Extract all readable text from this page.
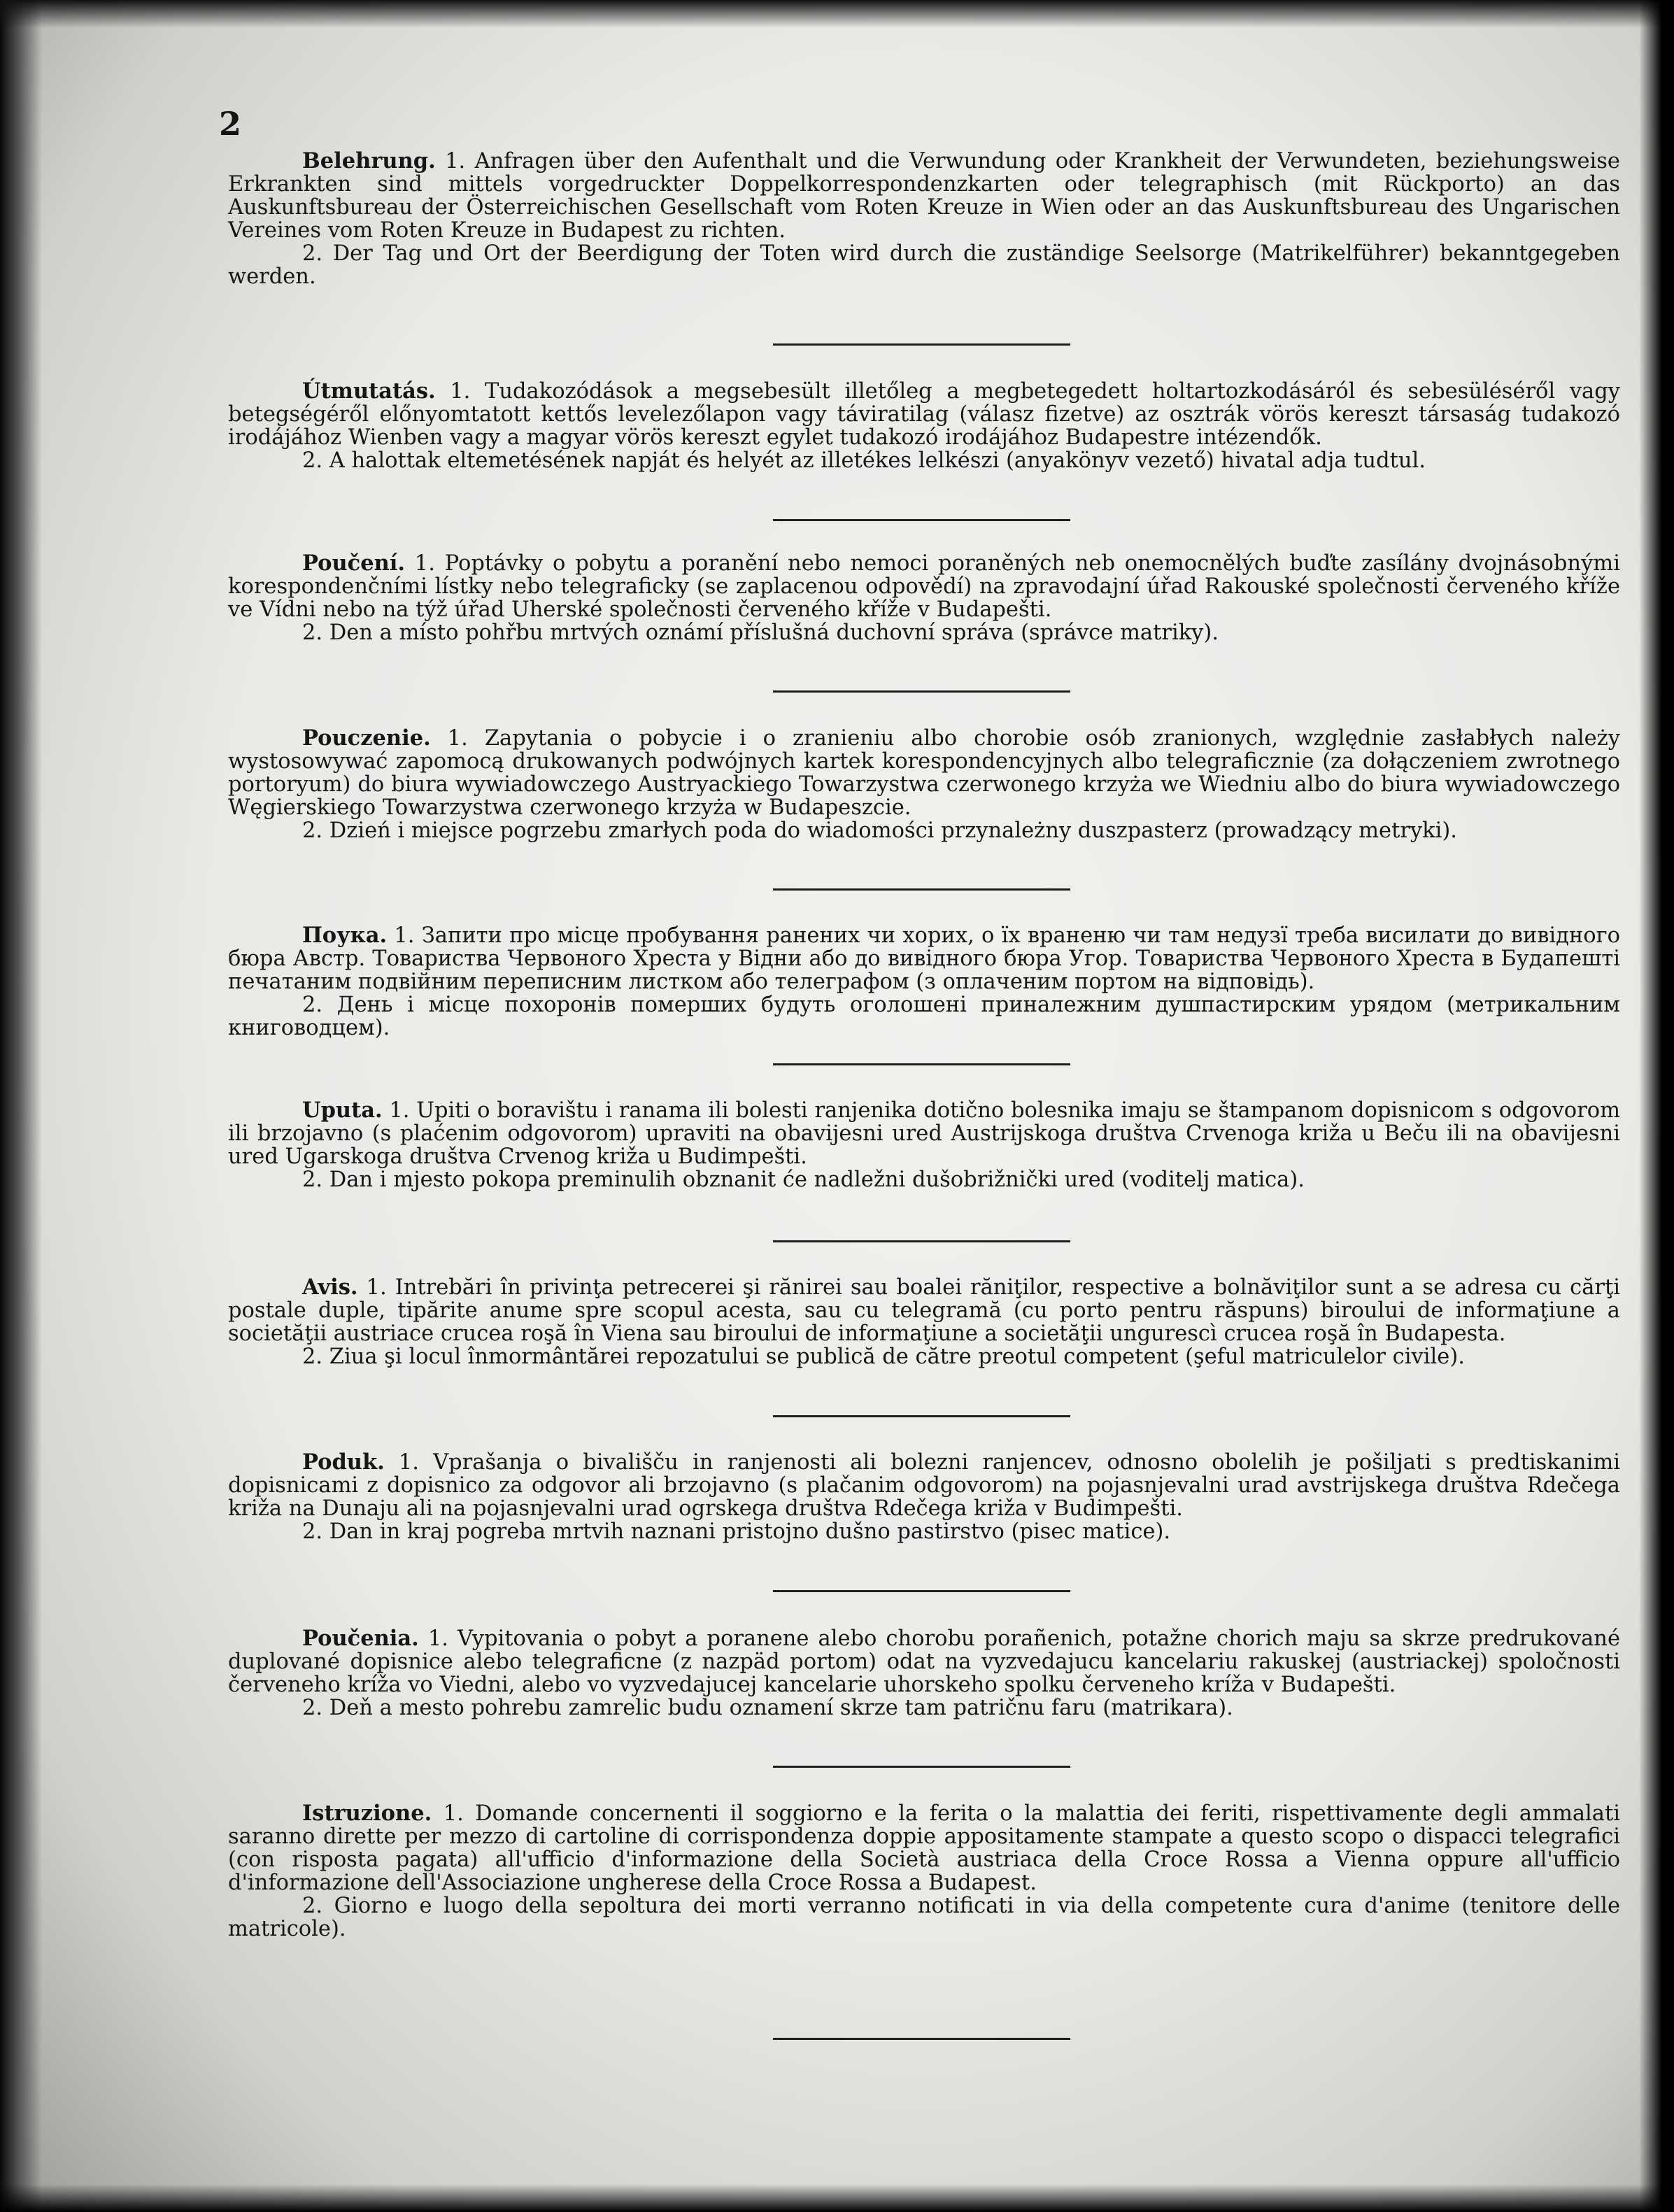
2

Belehrung. 1. Anfragen über den Aufenthalt und die Verwundung oder Krankheit der Verwundeten, beziehungsweise Erkrankten sind mittels vorgedruckter Doppelkorrespondenzkarten oder telegraphisch (mit Rückporto) an das Auskunftsbureau der Österreichischen Gesellschaft vom Roten Kreuze in Wien oder an das Auskunftsbureau des Ungarischen Vereines vom Roten Kreuze in Budapest zu richten.

2. Der Tag und Ort der Beerdigung der Toten wird durch die zuständige Seelsorge (Matrikelführer) bekanntgegeben werden.

Útmutatás. 1. Tudakozódások a megsebesült illetőleg a megbetegedett holtartozkodásáról és sebesüléséről vagy betegségéről előnyomtatott kettős levelezőlapon vagy táviratilag (válasz fizetve) az osztrák vörös kereszt társaság tudakozó irodájához Wienben vagy a magyar vörös kereszt egylet tudakozó irodájához Budapestre intézendők.

2. A halottak eltemetésének napját és helyét az illetékes lelkészi (anyakönyv vezető) hivatal adja tudtul.

Poučení. 1. Poptávky o pobytu a poranění nebo nemoci poraněných neb onemocnělých buďte zasílány dvojnásobnými korespondenčními lístky nebo telegraficky (se zaplacenou odpovědí) na zpravodajní úřad Rakouské společnosti červeného kříže ve Vídni nebo na týž úřad Uherské společnosti červeného kříže v Budapešti.

2. Den a místo pohřbu mrtvých oznámí příslušná duchovní správa (správce matriky).

Pouczenie. 1. Zapytania o pobycie i o zranieniu albo chorobie osób zranionych, względnie zasłabłych należy wystosowywać zapomocą drukowanych podwójnych kartek korespondencyjnych albo telegraficznie (za dołączeniem zwrotnego portoryum) do biura wywiadowczego Austryackiego Towarzystwa czerwonego krzyża we Wiedniu albo do biura wywiadowczego Węgierskiego Towarzystwa czerwonego krzyża w Budapeszcie.

2. Dzień i miejsce pogrzebu zmarłych poda do wiadomości przynależny duszpasterz (prowadzący metryki).

Поука. 1. Запити про місце пробування ранених чи хорих, о їх враненю чи там недузї треба висилати до вивідного бюра Австр. Товариства Червоного Хреста у Відни або до вивідного бюра Угор. Товариства Червоного Хреста в Будапешті печатаним подвійним переписним листком або телеграфом (з оплаченим портом на відповідь).

2. День і місце похоронів померших будуть оголошені приналежним душпастирским урядом (метрикальним книговодцем).

Uputa. 1. Upiti o boravištu i ranama ili bolesti ranjenika dotično bolesnika imaju se štampanom dopisnicom s odgovorom ili brzojavno (s plaćenim odgovorom) upraviti na obavijesni ured Austrijskoga društva Crvenoga križa u Beču ili na obavijesni ured Ugarskoga društva Crvenog križa u Budimpešti.

2. Dan i mjesto pokopa preminulih obznanit će nadležni dušobrižnički ured (voditelj matica).

Avis. 1. Intrebări în privinţa petrecerei şi rănirei sau boalei răniţilor, respective a bolnăviţilor sunt a se adresa cu cărţi postale duple, tipărite anume spre scopul acesta, sau cu telegramă (cu porto pentru răspuns) biroului de informaţiune a societăţii austriace crucea roşă în Viena sau biroului de informaţiune a societăţii ungurescì crucea roşă în Budapesta.

2. Ziua şi locul înmormântărei repozatului se publică de către preotul competent (şeful matriculelor civile).

Poduk. 1. Vprašanja o bivališču in ranjenosti ali bolezni ranjencev, odnosno obolelih je pošiljati s predtiskanimi dopisnicami z dopisnico za odgovor ali brzojavno (s plačanim odgovorom) na pojasnjevalni urad avstrijskega društva Rdečega križa na Dunaju ali na pojasnjevalni urad ogrskega društva Rdečega križa v Budimpešti.

2. Dan in kraj pogreba mrtvih naznani pristojno dušno pastirstvo (pisec matice).

Poučenia. 1. Vypitovania o pobyt a poranene alebo chorobu porañenich, potažne chorich maju sa skrze predrukované duplované dopisnice alebo telegraficne (z nazpäd portom) odat na vyzvedajucu kancelariu rakuskej (austriackej) spoločnosti červeneho kríža vo Viedni, alebo vo vyzvedajucej kancelarie uhorskeho spolku červeneho kríža v Budapešti.

2. Deň a mesto pohrebu zamrelic budu oznamení skrze tam patričnu faru (matrikara).

Istruzione. 1. Domande concernenti il soggiorno e la ferita o la malattia dei feriti, rispettivamente degli ammalati saranno dirette per mezzo di cartoline di corrispondenza doppie appositamente stampate a questo scopo o dispacci telegrafici (con risposta pagata) all'ufficio d'informazione della Società austriaca della Croce Rossa a Vienna oppure all'ufficio d'informazione dell'Associazione ungherese della Croce Rossa a Budapest.

2. Giorno e luogo della sepoltura dei morti verranno notificati in via della competente cura d'anime (tenitore delle matricole).
